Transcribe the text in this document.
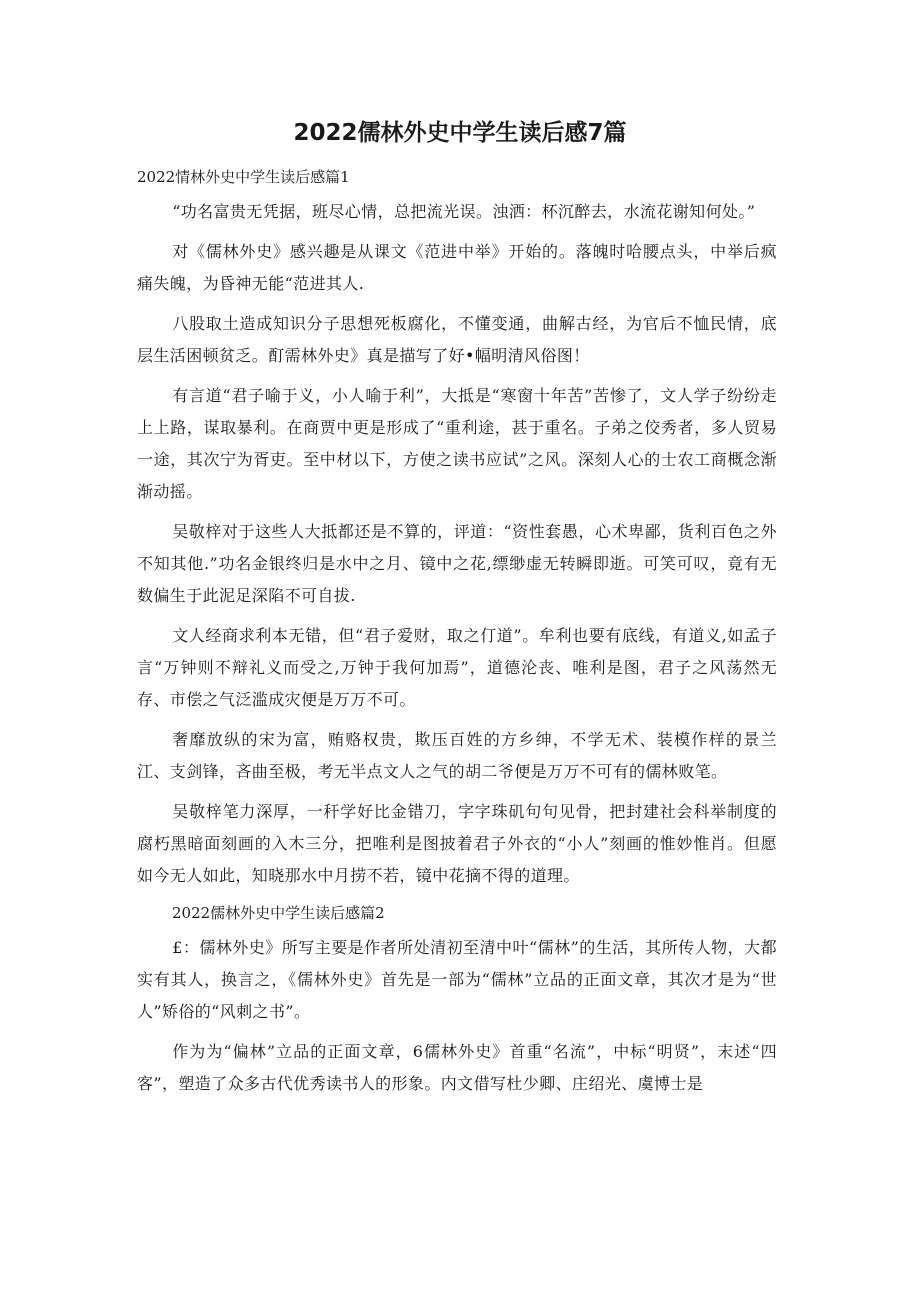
2022儒林外史中学生读后感7篇
2022情林外史中学生读后感篇1

“功名富贵无凭据，班尽心情，总把流光误。浊洒：杯沉醉去，水流花谢知何处。”

对《儒林外史》感兴趣是从课文《范进中举》开始的。落魄时哈腰点头，中举后疯痛失魄，为昏神无能“范进其人.

八股取土造成知识分子思想死板腐化，不懂变通，曲解古经，为官后不恤民情，底层生活困顿贫乏。酊需林外史》真是描写了好•幅明清风俗图！

有言道“君子喻于义，小人喻于利”，大抵是“寒窗十年苦”苦惨了，文人学子纷纷走上上路，谋取暴利。在商贾中更是形成了“重利途，甚于重名。子弟之佼秀者，多人贸易一途，其次宁为胥吏。至中材以下，方使之读书应试”之风。深刻人心的士农工商概念渐渐动摇。

吴敬梓对于这些人大抵都还是不算的，评道：“资性套愚，心术卑鄙，货利百色之外不知其他.”功名金银终归是水中之月、镜中之花,缥缈虚无转瞬即逝。可笑可叹，竟有无数偏生于此泥足深陷不可自拔.

文人经商求利本无错，但“君子爱财，取之仃道”。牟利也要有底线，有道义,如孟子言“万钟则不辩礼义而受之,万钟于我何加焉”，道德沦丧、唯利是图，君子之风荡然无存、市偿之气泛滥成灾便是万万不可。

奢靡放纵的宋为富，贿赂权贵，欺压百姓的方乡绅，不学无术、装模作样的景兰江、支剑锋，吝曲至极，考无半点文人之气的胡二爷便是万万不可有的儒林败笔。

吴敬梓笔力深厚，一秆学好比金错刀，字字珠矶句句见骨，把封建社会科举制度的腐朽黑暗面刻画的入木三分，把唯利是图披着君子外衣的“小人”刻画的惟妙惟肖。但愿如今无人如此，知晓那水中月捞不若，镜中花摘不得的道理。

2022儒林外史中学生读后感篇2

£：儒林外史》所写主要是作者所处清初至清中叶“儒林”的生活，其所传人物，大都实有其人，换言之，《儒林外史》首先是一部为“儒林”立品的正面文章，其次才是为“世人”矫俗的“风刺之书”。

作为为“偏林”立品的正面文章，6儒林外史》首重“名流”，中标“明贤”，末述“四客”，塑造了众多古代优秀读书人的形象。内文借写杜少卿、庄绍光、虞博士是
